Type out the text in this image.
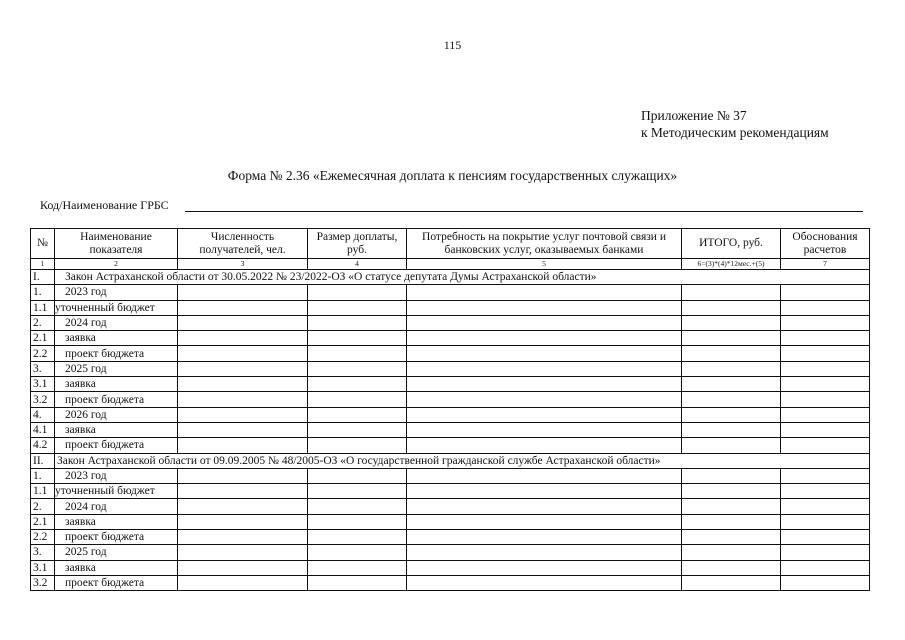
115
Приложение № 37
к Методическим рекомендациям
Форма № 2.36 «Ежемесячная доплата к пенсиям государственных служащих»
Код/Наименование ГРБС
№	Наименование показателя	Численность получателей, чел.	Размер доплаты, руб.	Потребность на покрытие услуг почтовой связи и банковских услуг, оказываемых банками	ИТОГО, руб.	Обоснования расчетов
1	2	3	4	5	6=(3)*(4)*12мес.+(5)	7
I.	Закон Астраханской области от 30.05.2022 № 23/2022-ОЗ «О статусе депутата Думы Астраханской области»					
1.	2023 год					
1.1	уточненный бюджет					
2.	2024 год					
2.1	заявка					
2.2	проект бюджета					
3.	2025 год					
3.1	заявка					
3.2	проект бюджета					
4.	2026 год					
4.1	заявка					
4.2	проект бюджета					
II.	Закон Астраханской области от 09.09.2005 № 48/2005-ОЗ «О государственной гражданской службе Астраханской области»					
1.	2023 год					
1.1	уточненный бюджет					
2.	2024 год					
2.1	заявка					
2.2	проект бюджета					
3.	2025 год					
3.1	заявка					
3.2	проект бюджета					
